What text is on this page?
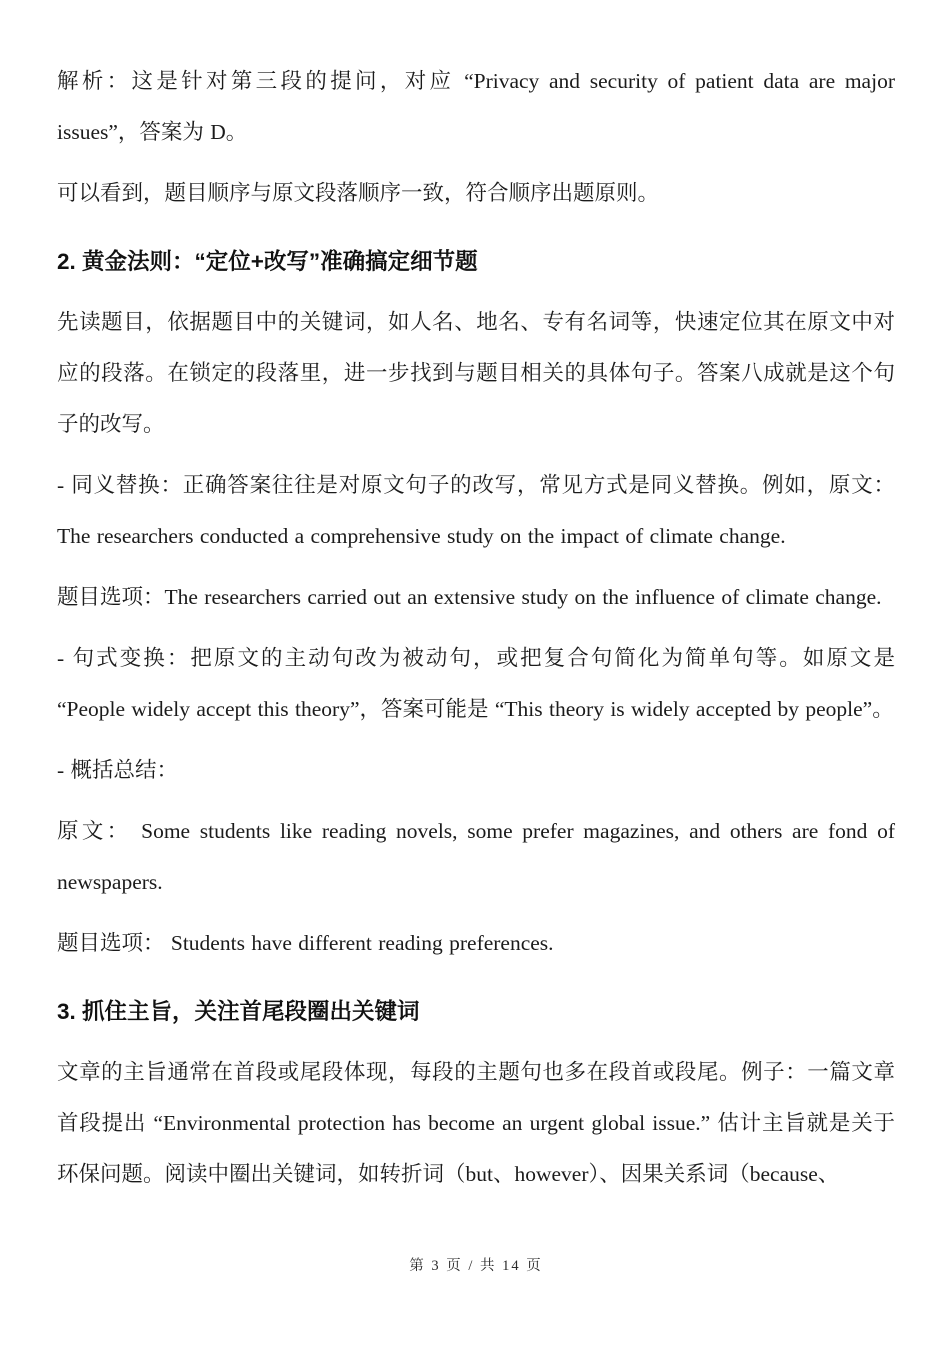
解析：这是针对第三段的提问，对应 “Privacy and security of patient data are major issues”，答案为 D。

可以看到，题目顺序与原文段落顺序一致，符合顺序出题原则。

2. 黄金法则：“定位+改写”准确搞定细节题

先读题目，依据题目中的关键词，如人名、地名、专有名词等，快速定位其在原文中对应的段落。在锁定的段落里，进一步找到与题目相关的具体句子。答案八成就是这个句子的改写。

- 同义替换：正确答案往往是对原文句子的改写，常见方式是同义替换。例如，原文：The researchers conducted a comprehensive study on the impact of climate change.

题目选项：The researchers carried out an extensive study on the influence of climate change.

- 句式变换：把原文的主动句改为被动句，或把复合句简化为简单句等。如原文是 “People widely accept this theory”，答案可能是 “This theory is widely accepted by people”。

- 概括总结：

原文： Some students like reading novels, some prefer magazines, and others are fond of newspapers.

题目选项： Students have different reading preferences.

3. 抓住主旨，关注首尾段圈出关键词

文章的主旨通常在首段或尾段体现，每段的主题句也多在段首或段尾。例子：一篇文章首段提出 “Environmental protection has become an urgent global issue.” 估计主旨就是关于环保问题。阅读中圈出关键词，如转折词（but、however）、因果关系词（because、

第 3 页 / 共 14 页
